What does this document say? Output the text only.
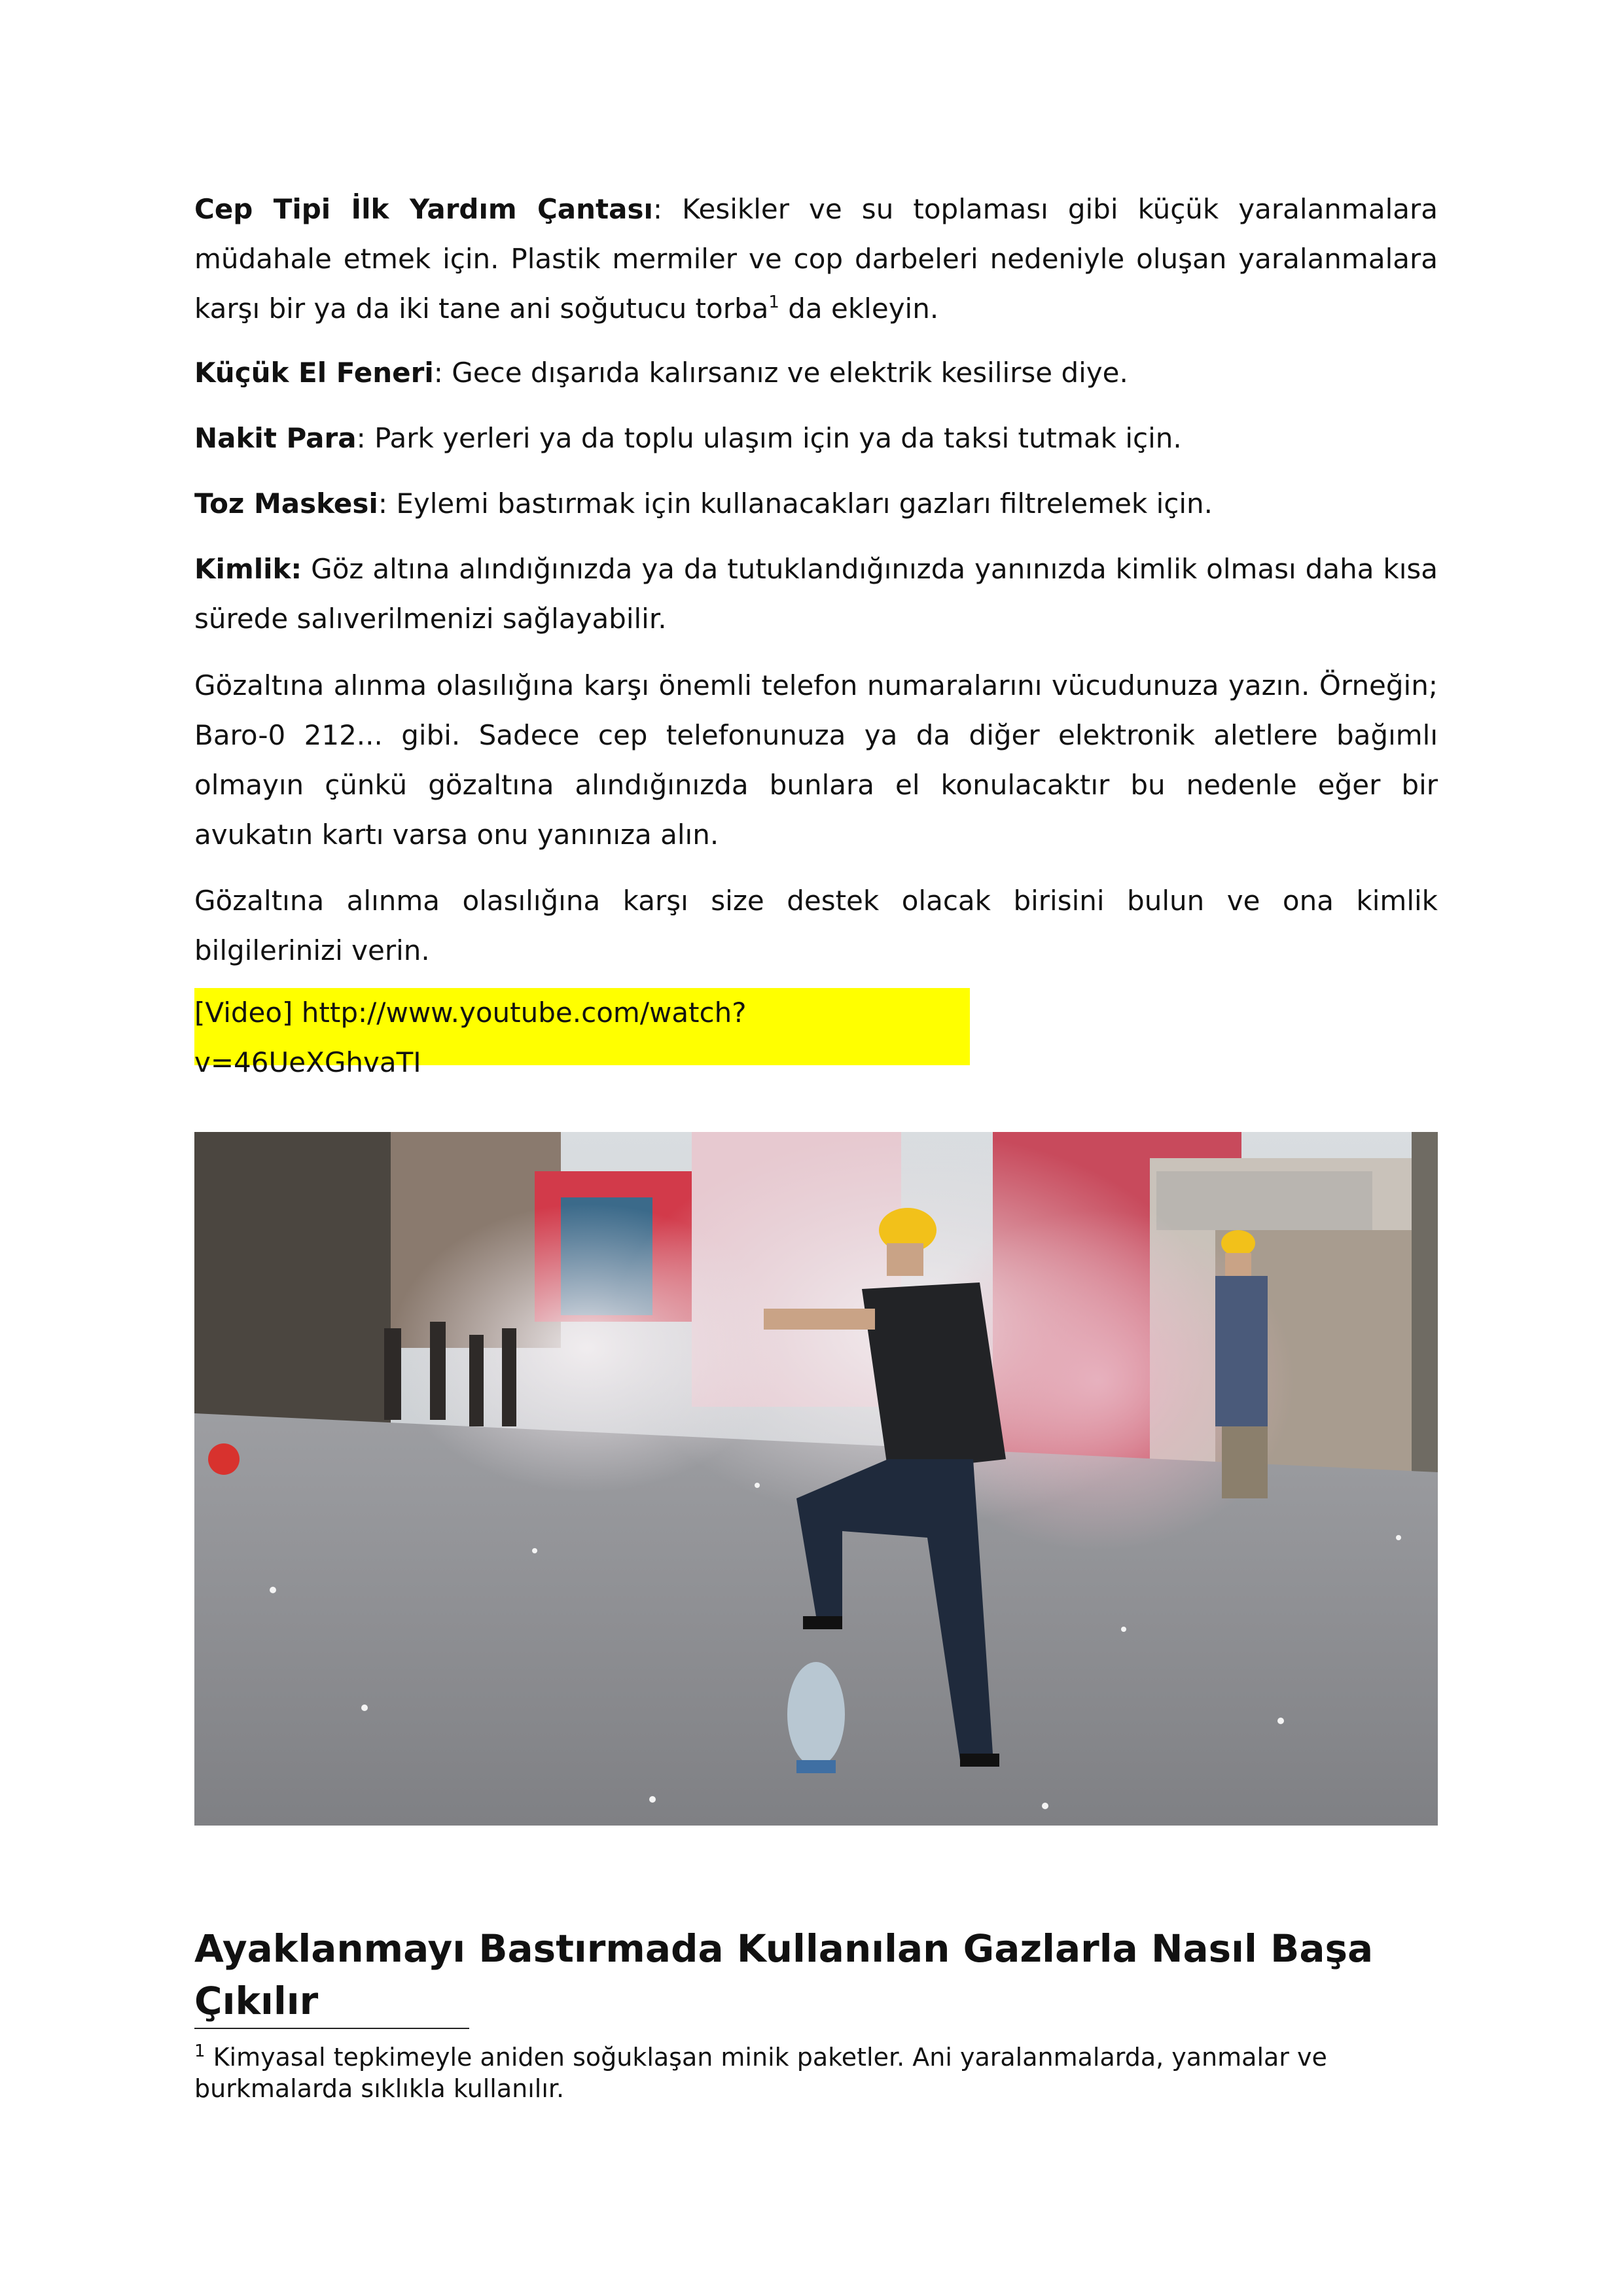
Cep Tipi İlk Yardım Çantası: Kesikler ve su toplaması gibi küçük yaralanmalara müdahale etmek için. Plastik mermiler ve cop darbeleri nedeniyle oluşan yaralanmalara karşı bir ya da iki tane ani soğutucu torba$^1$ da ekleyin.

Küçük El Feneri: Gece dışarıda kalırsanız ve elektrik kesilirse diye.

Nakit Para: Park yerleri ya da toplu ulaşım için ya da taksi tutmak için.

Toz Maskesi: Eylemi bastırmak için kullanacakları gazları filtrelemek için.

Kimlik: Göz altına alındığınızda ya da tutuklandığınızda yanınızda kimlik olması daha kısa sürede salıverilmenizi sağlayabilir.

Gözaltına alınma olasılığına karşı önemli telefon numaralarını vücudunuza yazın. Örneğin; Baro-0 212... gibi. Sadece cep telefonunuza ya da diğer elektronik aletlere bağımlı olmayın çünkü gözaltına alındığınızda bunlara el konulacaktır bu nedenle eğer bir avukatın kartı varsa onu yanınıza alın.

Gözaltına alınma olasılığına karşı size destek olacak birisini bulun ve ona kimlik bilgilerinizi verin.

[Video] http://www.youtube.com/watch?v=46UeXGhvaTI
Ayaklanmayı Bastırmada Kullanılan Gazlarla Nasıl Başa Çıkılır

$^1$ Kimyasal tepkimeyle aniden soğuklaşan minik paketler. Ani yaralanmalarda, yanmalar ve burkmalarda sıklıkla kullanılır.
